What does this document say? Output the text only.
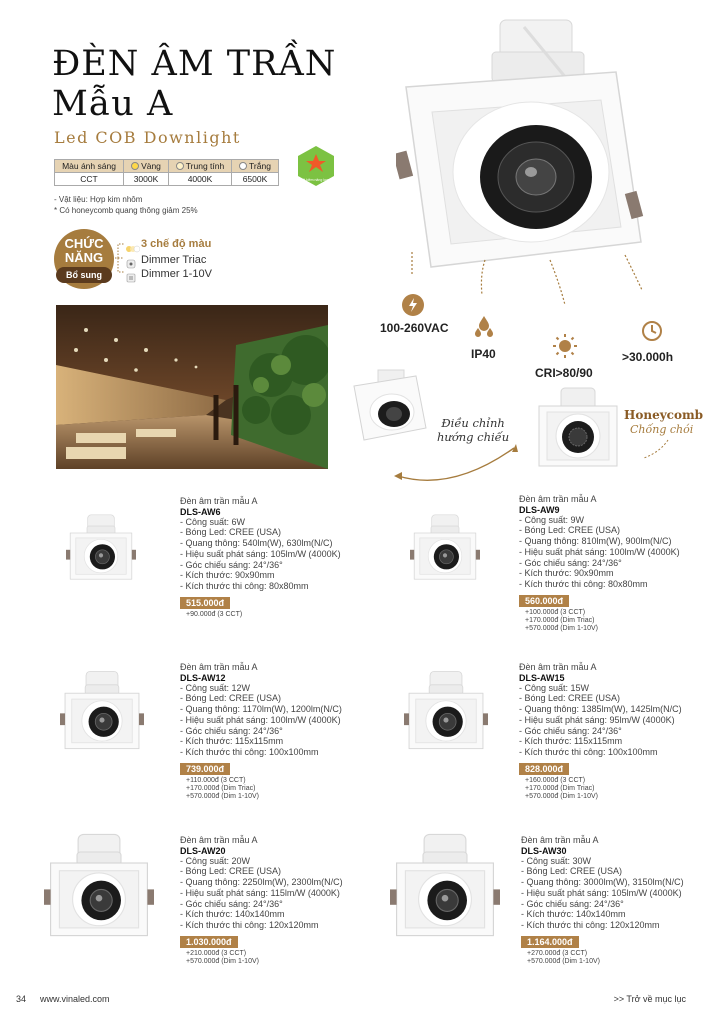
ĐÈN ÂM TRẦN
Mẫu A
Led COB Downlight
Màu ánh sáng	Vàng	Trung tính	Trắng
CCT	3000K	4000K	6500K
- Vật liệu: Hợp kim nhôm
* Có honeycomb quang thông giảm 25%
Tiết kiệm năng lượng
CHỨC
NĂNG
Bổ sung
3 chế độ màu
Dimmer Triac
Dimmer 1-10V
100-260VAC
IP40
CRI>80/90
>30.000h
Điều chỉnh
hướng chiếu
Honeycomb
Chống chói
Đèn âm trần mẫu A
DLS-AW6
- Công suất: 6W
- Bóng Led: CREE (USA)
- Quang thông: 540lm(W), 630lm(N/C)
- Hiệu suất phát sáng: 105lm/W (4000K)
- Góc chiếu sáng: 24°/36°
- Kích thước: 90x90mm
- Kích thước thi công: 80x80mm
515.000đ
+90.000đ (3 CCT)
Đèn âm trần mẫu A
DLS-AW9
- Công suất: 9W
- Bóng Led: CREE (USA)
- Quang thông: 810lm(W), 900lm(N/C)
- Hiệu suất phát sáng: 100lm/W (4000K)
- Góc chiếu sáng: 24°/36°
- Kích thước: 90x90mm
- Kích thước thi công: 80x80mm
560.000đ
+100.000đ (3 CCT)
+170.000đ (Dim Triac)
+570.000đ (Dim 1-10V)
Đèn âm trần mẫu A
DLS-AW12
- Công suất: 12W
- Bóng Led: CREE (USA)
- Quang thông: 1170lm(W), 1200lm(N/C)
- Hiệu suất phát sáng: 100lm/W (4000K)
- Góc chiếu sáng: 24°/36°
- Kích thước: 115x115mm
- Kích thước thi công: 100x100mm
739.000đ
+110.000đ (3 CCT)
+170.000đ (Dim Triac)
+570.000đ (Dim 1-10V)
Đèn âm trần mẫu A
DLS-AW15
- Công suất: 15W
- Bóng Led: CREE (USA)
- Quang thông: 1385lm(W), 1425lm(N/C)
- Hiệu suất phát sáng: 95lm/W (4000K)
- Góc chiếu sáng: 24°/36°
- Kích thước: 115x115mm
- Kích thước thi công: 100x100mm
828.000đ
+160.000đ (3 CCT)
+170.000đ (Dim Triac)
+570.000đ (Dim 1-10V)
Đèn âm trần mẫu A
DLS-AW20
- Công suất: 20W
- Bóng Led: CREE (USA)
- Quang thông: 2250lm(W), 2300lm(N/C)
- Hiệu suất phát sáng: 115lm/W (4000K)
- Góc chiếu sáng: 24°/36°
- Kích thước: 140x140mm
- Kích thước thi công: 120x120mm
1.030.000đ
+210.000đ (3 CCT)
+570.000đ (Dim 1-10V)
Đèn âm trần mẫu A
DLS-AW30
- Công suất: 30W
- Bóng Led: CREE (USA)
- Quang thông: 3000lm(W), 3150lm(N/C)
- Hiệu suất phát sáng: 105lm/W (4000K)
- Góc chiếu sáng: 24°/36°
- Kích thước: 140x140mm
- Kích thước thi công: 120x120mm
1.164.000đ
+270.000đ (3 CCT)
+570.000đ (Dim 1-10V)
34 www.vinaled.com	>> Trở về mục lục
